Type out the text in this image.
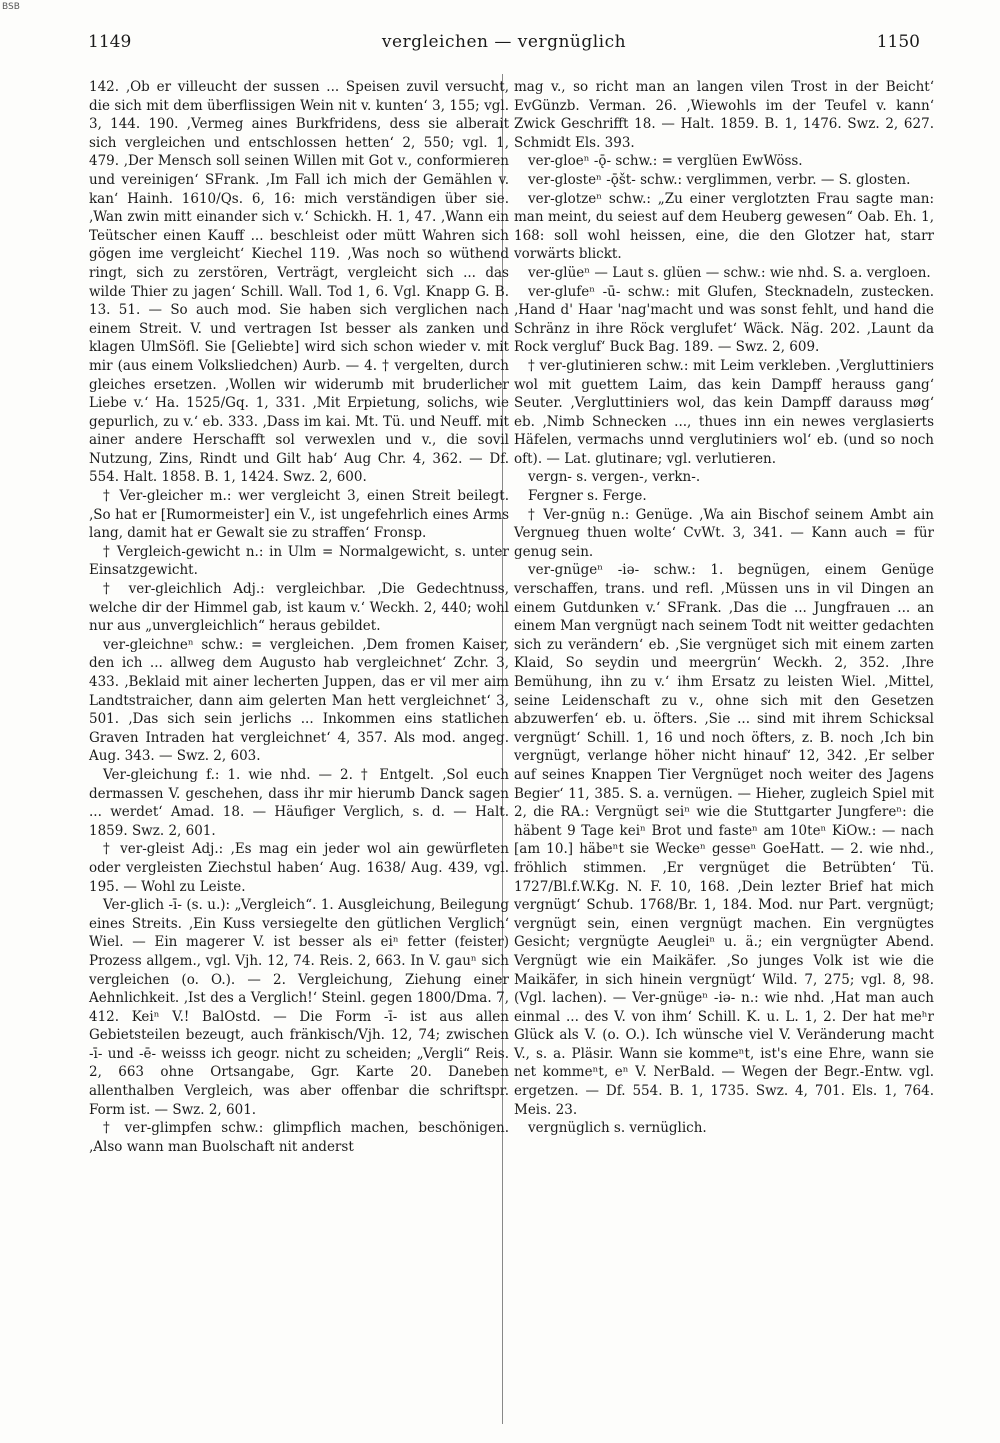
BSB
1149	vergleichen — vergnüglich	1150

142. ‚Ob er villeucht der sussen ... Speisen zuvil versucht, die sich mit dem überflissigen Wein nit v. kunten‘ 3, 155; vgl. 3, 144. 190. ‚Vermeg aines Burkfridens, dess sie alberait sich vergleichen und entschlossen hetten‘ 2, 550; vgl. 1, 479. ‚Der Mensch soll seinen Willen mit Got v., conformieren und vereinigen‘ SFrank. ‚Im Fall ich mich der Gemählen v. kan‘ Hainh. 1610/Qs. 6, 16: mich verständigen über sie. ‚Wan zwin mitt einander sich v.‘ Schickh. H. 1, 47. ‚Wann ein Teütscher einen Kauff ... beschleist oder mütt Wahren sich gögen ime vergleicht‘ Kiechel 119. ‚Was noch so wüthend ringt, sich zu zerstören, Verträgt, vergleicht sich ... das wilde Thier zu jagen‘ Schill. Wall. Tod 1, 6. Vgl. Knapp G. B. 13. 51. — So auch mod. Sie haben sich verglichen nach einem Streit. V. und vertragen Ist besser als zanken und klagen UlmSöfl. Sie [Geliebte] wird sich schon wieder v. mit mir (aus einem Volksliedchen) Aurb. — 4. † vergelten, durch gleiches ersetzen. ‚Wollen wir widerumb mit bruderlicher Liebe v.‘ Ha. 1525/Gq. 1, 331. ‚Mit Erpietung, solichs, wie gepurlich, zu v.‘ eb. 333. ‚Dass im kai. Mt. Tü. und Neuff. mit ainer andere Herschafft sol verwexlen und v., die sovil Nutzung, Zins, Rindt und Gilt hab‘ Aug Chr. 4, 362. — Df. 554. Halt. 1858. B. 1, 1424. Swz. 2, 600.

† Ver-gleicher m.: wer vergleicht 3, einen Streit beilegt. ‚So hat er [Rumormeister] ein V., ist ungefehrlich eines Arms lang, damit hat er Gewalt sie zu straffen‘ Fronsp.

† Vergleich-gewicht n.: in Ulm = Normalgewicht, s. unter Einsatzgewicht.

† ver-gleichlich Adj.: vergleichbar. ‚Die Gedechtnuss, welche dir der Himmel gab, ist kaum v.‘ Weckh. 2, 440; wohl nur aus „unvergleichlich“ heraus gebildet.

ver-gleichneⁿ schw.: = vergleichen. ‚Dem fromen Kaiser, den ich ... allweg dem Augusto hab vergleichnet‘ Zchr. 3, 433. ‚Beklaid mit ainer lecherten Juppen, das er vil mer aim Landtstraicher, dann aim gelerten Man hett vergleichnet‘ 3, 501. ‚Das sich sein jerlichs ... Inkommen eins statlichen Graven Intraden hat vergleichnet‘ 4, 357. Als mod. angeg. Aug. 343. — Swz. 2, 603.

Ver-gleichung f.: 1. wie nhd. — 2. † Entgelt. ‚Sol euch dermassen V. geschehen, dass ihr mir hierumb Danck sagen ... werdet‘ Amad. 18. — Häufiger Verglich, s. d. — Halt. 1859. Swz. 2, 601.

† ver-gleist Adj.: ‚Es mag ein jeder wol ain gewürfleten oder vergleisten Ziechstul haben‘ Aug. 1638/ Aug. 439, vgl. 195. — Wohl zu Leiste.

Ver-glich -ī- (s. u.): „Vergleich“. 1. Ausgleichung, Beilegung eines Streits. ‚Ein Kuss versiegelte den gütlichen Verglich‘ Wiel. — Ein magerer V. ist besser als eiⁿ fetter (feister) Prozess allgem., vgl. Vjh. 12, 74. Reis. 2, 663. In V. gauⁿ sich vergleichen (o. O.). — 2. Vergleichung, Ziehung einer Aehnlichkeit. ‚Ist des a Verglich!‘ Steinl. gegen 1800/Dma. 7, 412. Keiⁿ V.! BalOstd. — Die Form -ī- ist aus allen Gebietsteilen bezeugt, auch fränkisch/Vjh. 12, 74; zwischen -ī- und -ē- weisss ich geogr. nicht zu scheiden; „Vergli“ Reis. 2, 663 ohne Ortsangabe, Ggr. Karte 20. Daneben allenthalben Vergleich, was aber offenbar die schriftspr. Form ist. — Swz. 2, 601.

† ver-glimpfen schw.: glimpflich machen, beschönigen. ‚Also wann man Buolschaft nit anderst

mag v., so richt man an langen vilen Trost in der Beicht‘ EvGünzb. Verman. 26. ‚Wiewohls im der Teufel v. kann‘ Zwick Geschrifft 18. — Halt. 1859. B. 1, 1476. Swz. 2, 627. Schmidt Els. 393.

ver-gloeⁿ -ǭ- schw.: = verglüen EwWöss.

ver-glosteⁿ -ǭšt- schw.: verglimmen, verbr. — S. glosten.

ver-glotzeⁿ schw.: „Zu einer verglotzten Frau sagte man: man meint, du seiest auf dem Heuberg gewesen“ Oab. Eh. 1, 168: soll wohl heissen, eine, die den Glotzer hat, starr vorwärts blickt.

ver-glüeⁿ — Laut s. glüen — schw.: wie nhd. S. a. vergloen.

ver-glufeⁿ -ū- schw.: mit Glufen, Stecknadeln, zustecken. ‚Hand d' Haar 'nag'macht und was sonst fehlt, und hand die Schränz in ihre Röck verglufet‘ Wäck. Näg. 202. ‚Launt da Rock vergluf‘ Buck Bag. 189. — Swz. 2, 609.

† ver-glutinieren schw.: mit Leim verkleben. ‚Vergluttiniers wol mit guettem Laim, das kein Dampff herauss gang‘ Seuter. ‚Vergluttiniers wol, das kein Dampff darauss møg‘ eb. ‚Nimb Schnecken ..., thues inn ein newes verglasierts Häfelen, vermachs unnd verglutiniers wol‘ eb. (und so noch oft). — Lat. glutinare; vgl. verlutieren.

vergn- s. vergen-, verkn-.

Fergner s. Ferge.

† Ver-gnüg n.: Genüge. ‚Wa ain Bischof seinem Ambt ain Vergnueg thuen wolte‘ CvWt. 3, 341. — Kann auch = für genug sein.

ver-gnügeⁿ -iə- schw.: 1. begnügen, einem Genüge verschaffen, trans. und refl. ‚Müssen uns in vil Dingen an einem Gutdunken v.‘ SFrank. ‚Das die ... Jungfrauen ... an einem Man vergnügt nach seinem Todt nit weitter gedachten sich zu verändern‘ eb. ‚Sie vergnüget sich mit einem zarten Klaid, So seydin und meergrün‘ Weckh. 2, 352. ‚Ihre Bemühung, ihn zu v.‘ ihm Ersatz zu leisten Wiel. ‚Mittel, seine Leidenschaft zu v., ohne sich mit den Gesetzen abzuwerfen‘ eb. u. öfters. ‚Sie ... sind mit ihrem Schicksal vergnügt‘ Schill. 1, 16 und noch öfters, z. B. noch ‚Ich bin vergnügt, verlange höher nicht hinauf‘ 12, 342. ‚Er selber auf seines Knappen Tier Vergnüget noch weiter des Jagens Begier‘ 11, 385. S. a. vernügen. — Hieher, zugleich Spiel mit 2, die RA.: Vergnügt seiⁿ wie die Stuttgarter Jungfereⁿ: die häbent 9 Tage keiⁿ Brot und fasteⁿ am 10teⁿ KiOw.: — nach [am 10.] häbeⁿt sie Weckeⁿ gesseⁿ GoeHatt. — 2. wie nhd., fröhlich stimmen. ‚Er vergnüget die Betrübten‘ Tü. 1727/Bl.f.W.Kg. N. F. 10, 168. ‚Dein lezter Brief hat mich vergnügt‘ Schub. 1768/Br. 1, 184. Mod. nur Part. vergnügt; vergnügt sein, einen vergnügt machen. Ein vergnügtes Gesicht; vergnügte Aeugleiⁿ u. ä.; ein vergnügter Abend. Vergnügt wie ein Maikäfer. ‚So junges Volk ist wie die Maikäfer, in sich hinein vergnügt‘ Wild. 7, 275; vgl. 8, 98. (Vgl. lachen). — Ver-gnügeⁿ -iə- n.: wie nhd. ‚Hat man auch einmal ... des V. von ihm‘ Schill. K. u. L. 1, 2. Der hat meʰr Glück als V. (o. O.). Ich wünsche viel V. Veränderung macht V., s. a. Pläsir. Wann sie kommeⁿt, ist's eine Ehre, wann sie net kommeⁿt, eⁿ V. NerBald. — Wegen der Begr.-Entw. vgl. ergetzen. — Df. 554. B. 1, 1735. Swz. 4, 701. Els. 1, 764. Meis. 23.

vergnüglich s. vernüglich.
